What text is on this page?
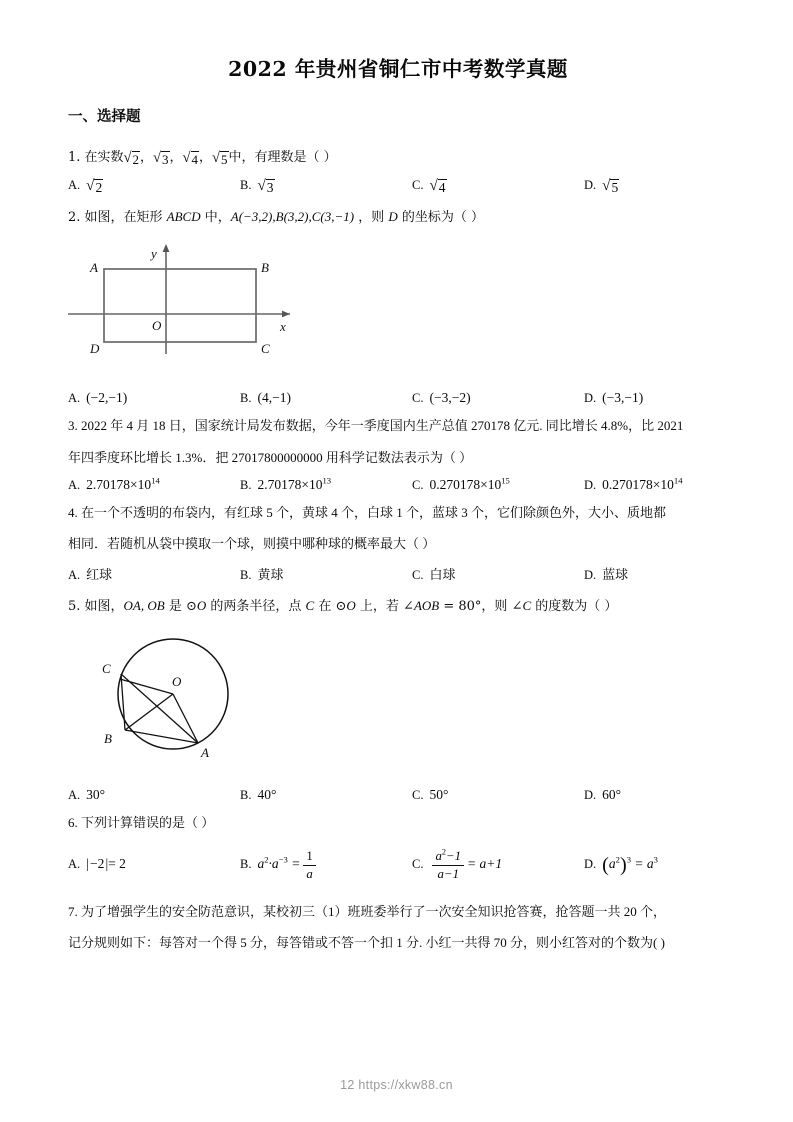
2022 年贵州省铜仁市中考数学真题
一、选择题
1. 在实数 √ 2 ， √ 3 ， √ 4 ， √ 5 中，有理数是（ ）
A. √ 2	B. √ 3	C. √ 4	D. √ 5
2. 如图，在矩形 ABCD 中，A(−3,2),B(3,2),C(3,−1) ，则 D 的坐标为（ ）
A	B
C
D
O	x
y
A. (−2,−1)	B. (4,−1)	C. (−3,−2)	D. (−3,−1)
3. 2022 年 4 月 18 日，国家统计局发布数据，今年一季度国内生产总值 270178 亿元. 同比增长 4.8%，比 2021
年四季度环比增长 1.3%．把 27017800000000 用科学记数法表示为（ ）
A. $2.70178\times 10^{14}$	B. $2.70178\times 10^{13}$	C. $0.270178\times 10^{15}$	D. $0.270178\times 10^{14}$
4. 在一个不透明的布袋内，有红球 5 个，黄球 4 个，白球 1 个，蓝球 3 个，它们除颜色外，大小、质地都
相同．若随机从袋中摸取一个球，则摸中哪种球的概率最大（ ）
A. 红球	B. 黄球	C. 白球	D. 蓝球
5. 如图，OA, OB 是 ⊙O 的两条半径，点 C 在 ⊙O 上，若 ∠AOB = 80°，则 ∠C 的度数为（ ）
C
B
A
O
A. 30°	B. 40°	C. 50°	D. 60°
6. 下列计算错误的是（ ）
A. | −2 |= 2	B. $a^2\cdot a^{-3} = \frac{1}{a}$	C. $\frac{a^2-1}{a-1} = a+1$	D. $(a^2)^3 = a^3$
7. 为了增强学生的安全防范意识，某校初三（1）班班委举行了一次安全知识抢答赛，抢答题一共 20 个，
记分规则如下：每答对一个得 5 分，每答错或不答一个扣 1 分. 小红一共得 70 分，则小红答对的个数为( )
12 https://xkw88.cn
